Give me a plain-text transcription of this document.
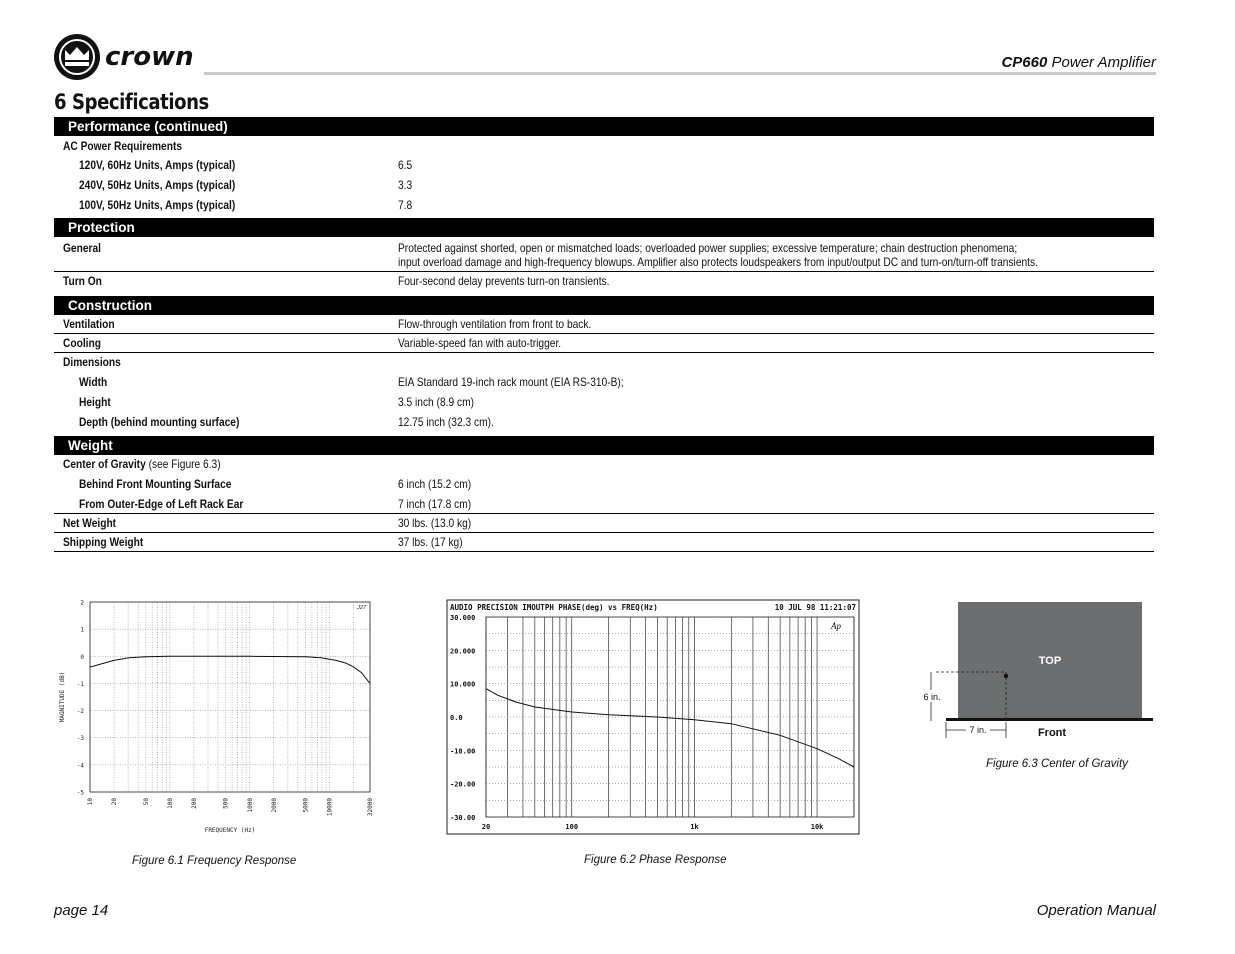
crown	CP660 Power Amplifier
6 Specifications
Performance (continued)
AC Power Requirements
120V, 60Hz Units, Amps (typical)	6.5
240V, 50Hz Units, Amps (typical)	3.3
100V, 50Hz Units, Amps (typical)	7.8
Protection
General	Protected against shorted, open or mismatched loads; overloaded power supplies; excessive temperature; chain destruction phenomena;
input overload damage and high-frequency blowups. Amplifier also protects loudspeakers from input/output DC and turn-on/turn-off transients.
Turn On	Four-second delay prevents turn-on transients.
Construction
Ventilation	Flow-through ventilation from front to back.
Cooling	Variable-speed fan with auto-trigger.
Dimensions
Width	EIA Standard 19-inch rack mount (EIA RS-310-B);
Height	3.5 inch (8.9 cm)
Depth (behind mounting surface)	12.75 inch (32.3 cm).
Weight
Center of Gravity (see Figure 6.3)
Behind Front Mounting Surface	6 inch (15.2 cm)
From Outer-Edge of Left Rack Ear	7 inch (17.8 cm)
Net Weight	30 lbs. (13.0 kg)
Shipping Weight	37 lbs. (17 kg)
2
1
0
-1
-2
-3
-4
-5
10	20	50	100	200	500	1000	2000	5000	10000	32000
MAGNITUDE (dB)
FREQUENCY (Hz)
J27
Figure 6.1 Frequency Response
AUDIO PRECISION IMOUTPH PHASE(deg) vs FREQ(Hz)	10 JUL 98 11:21:07
30.000
20.000
10.000
0.0
-10.00
-20.00
-30.00
20	100	1k	10k
Ap
Figure 6.2 Phase Response
TOP
6 in.
7 in.	Front
Figure 6.3 Center of Gravity
page 14	Operation Manual
